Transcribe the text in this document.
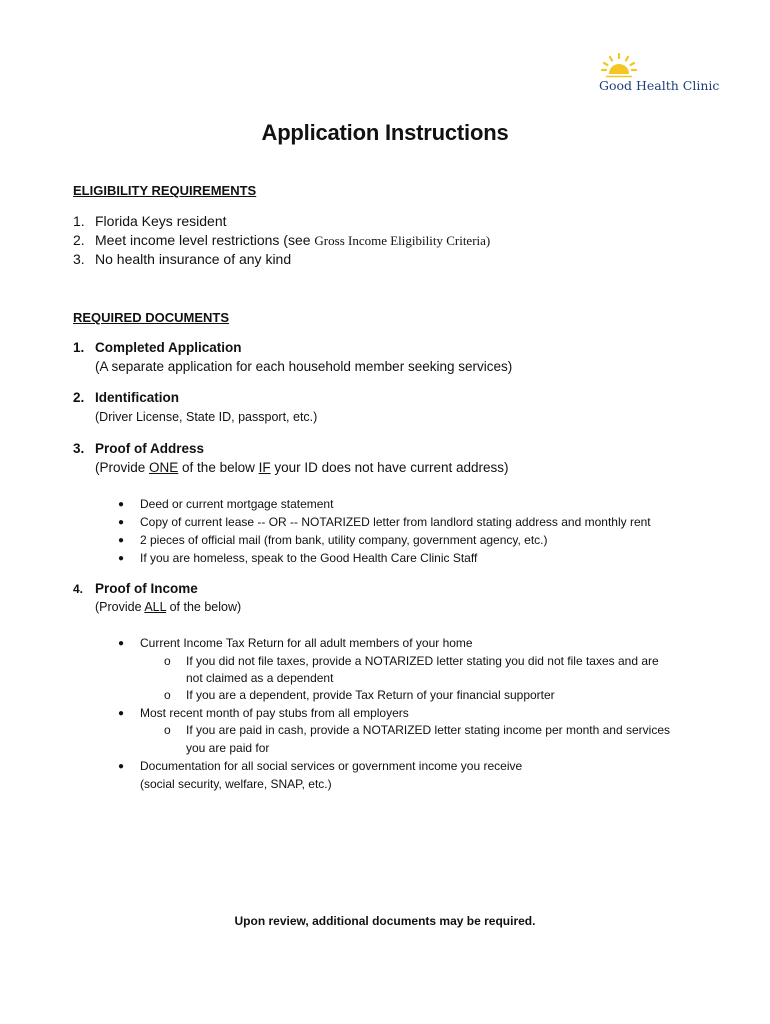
Good Health Clinic
Application Instructions
ELIGIBILITY REQUIREMENTS
1. Florida Keys resident
2. Meet income level restrictions (see Gross Income Eligibility Criteria)
3. No health insurance of any kind
REQUIRED DOCUMENTS
1. Completed Application
(A separate application for each household member seeking services)
2. Identification
(Driver License, State ID, passport, etc.)
3. Proof of Address
(Provide ONE of the below IF your ID does not have current address)
● Deed or current mortgage statement
● Copy of current lease -- OR -- NOTARIZED letter from landlord stating address and monthly rent
● 2 pieces of official mail (from bank, utility company, government agency, etc.)
● If you are homeless, speak to the Good Health Care Clinic Staff
4. Proof of Income
(Provide ALL of the below)
● Current Income Tax Return for all adult members of your home
o If you did not file taxes, provide a NOTARIZED letter stating you did not file taxes and are
not claimed as a dependent
o If you are a dependent, provide Tax Return of your financial supporter
● Most recent month of pay stubs from all employers
o If you are paid in cash, provide a NOTARIZED letter stating income per month and services
you are paid for
● Documentation for all social services or government income you receive
(social security, welfare, SNAP, etc.)
Upon review, additional documents may be required.
